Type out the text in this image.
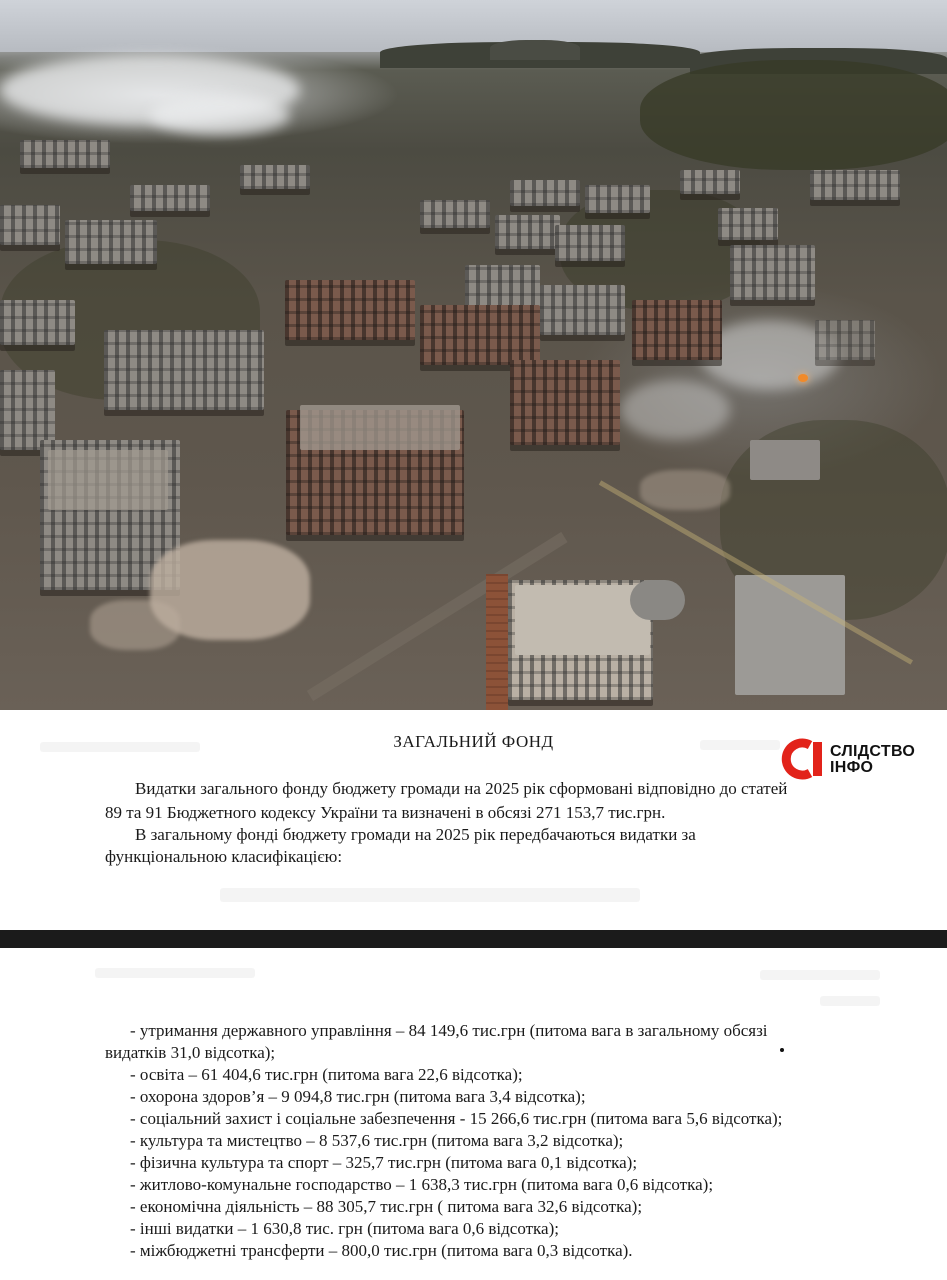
ЗАГАЛЬНИЙ ФОНД
СЛІДСТВО
ІНФО
Видатки загального фонду бюджету громади на 2025 рік сформовані відповідно до статей
89 та 91 Бюджетного кодексу України та визначені в обсязі 271 153,7 тис.грн.
В загальному фонді бюджету громади на 2025 рік передбачаються видатки за
функціональною класифікацією:
- утримання державного управління – 84 149,6 тис.грн (питома вага в загальному обсязі
видатків 31,0 відсотка);
- освіта – 61 404,6 тис.грн (питома вага 22,6 відсотка);
- охорона здоров’я – 9 094,8 тис.грн (питома вага 3,4 відсотка);
- соціальний захист і соціальне забезпечення - 15 266,6 тис.грн (питома вага 5,6 відсотка);
- культура та мистецтво – 8 537,6 тис.грн (питома вага 3,2 відсотка);
- фізична культура та спорт – 325,7 тис.грн (питома вага 0,1 відсотка);
- житлово-комунальне господарство – 1 638,3 тис.грн (питома вага 0,6 відсотка);
- економічна діяльність – 88 305,7 тис.грн ( питома вага 32,6 відсотка);
- інші видатки – 1 630,8 тис. грн (питома вага 0,6 відсотка);
- міжбюджетні трансферти – 800,0 тис.грн (питома вага 0,3 відсотка).
